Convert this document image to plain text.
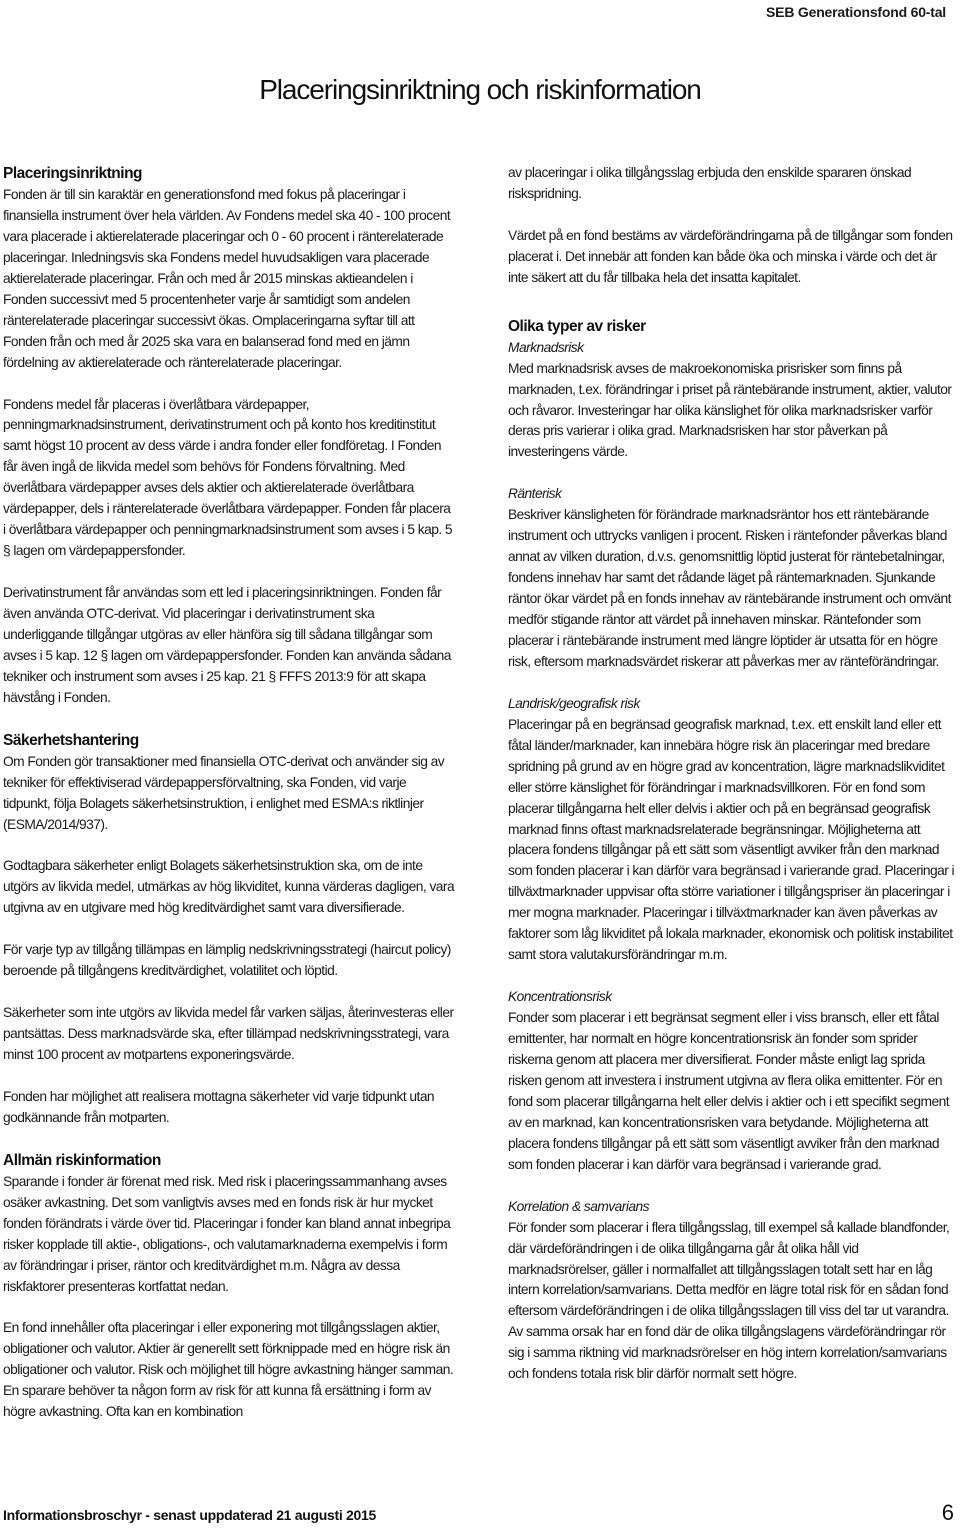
SEB Generationsfond 60-tal
Placeringsinriktning och riskinformation
Placeringsinriktning

Fonden är till sin karaktär en generationsfond med fokus på placeringar i finansiella instrument över hela världen. Av Fondens medel ska 40 - 100 procent vara placerade i aktierelaterade placeringar och 0 - 60 procent i ränterelaterade placeringar. Inledningsvis ska Fondens medel huvudsakligen vara placerade aktierelaterade placeringar. Från och med år 2015 minskas aktieandelen i Fonden successivt med 5 procentenheter varje år samtidigt som andelen ränterelaterade placeringar successivt ökas. Omplaceringarna syftar till att Fonden från och med år 2025 ska vara en balanserad fond med en jämn fördelning av aktierelaterade och ränterelaterade placeringar.

Fondens medel får placeras i överlåtbara värdepapper, penningmarknadsinstrument, derivatinstrument och på konto hos kreditinstitut samt högst 10 procent av dess värde i andra fonder eller fondföretag. I Fonden får även ingå de likvida medel som behövs för Fondens förvaltning. Med överlåtbara värdepapper avses dels aktier och aktierelaterade överlåtbara värdepapper, dels i ränterelaterade överlåtbara värdepapper. Fonden får placera i överlåtbara värdepapper och penningmarknadsinstrument som avses i 5 kap. 5 § lagen om värdepappersfonder.

Derivatinstrument får användas som ett led i placeringsinriktningen. Fonden får även använda OTC-derivat. Vid placeringar i derivatinstrument ska underliggande tillgångar utgöras av eller hänföra sig till sådana tillgångar som avses i 5 kap. 12 § lagen om värdepappersfonder. Fonden kan använda sådana tekniker och instrument som avses i 25 kap. 21 § FFFS 2013:9 för att skapa hävstång i Fonden.

Säkerhetshantering

Om Fonden gör transaktioner med finansiella OTC-derivat och använder sig av tekniker för effektiviserad värdepappersförvaltning, ska Fonden, vid varje tidpunkt, följa Bolagets säkerhetsinstruktion, i enlighet med ESMA:s riktlinjer (ESMA/2014/937).

Godtagbara säkerheter enligt Bolagets säkerhetsinstruktion ska, om de inte utgörs av likvida medel, utmärkas av hög likviditet, kunna värderas dagligen, vara utgivna av en utgivare med hög kreditvärdighet samt vara diversifierade.

För varje typ av tillgång tillämpas en lämplig nedskrivningsstrategi (haircut policy) beroende på tillgångens kreditvärdighet, volatilitet och löptid.

Säkerheter som inte utgörs av likvida medel får varken säljas, återinvesteras eller pantsättas. Dess marknadsvärde ska, efter tillämpad nedskrivningsstrategi, vara minst 100 procent av motpartens exponeringsvärde.

Fonden har möjlighet att realisera mottagna säkerheter vid varje tidpunkt utan godkännande från motparten.

Allmän riskinformation

Sparande i fonder är förenat med risk. Med risk i placeringssammanhang avses osäker avkastning. Det som vanligtvis avses med en fonds risk är hur mycket fonden förändrats i värde över tid. Placeringar i fonder kan bland annat inbegripa risker kopplade till aktie-, obligations-, och valutamarknaderna exempelvis i form av förändringar i priser, räntor och kreditvärdighet m.m. Några av dessa riskfaktorer presenteras kortfattat nedan.

En fond innehåller ofta placeringar i eller exponering mot tillgångsslagen aktier, obligationer och valutor. Aktier är generellt sett förknippade med en högre risk än obligationer och valutor. Risk och möjlighet till högre avkastning hänger samman. En sparare behöver ta någon form av risk för att kunna få ersättning i form av högre avkastning. Ofta kan en kombination

av placeringar i olika tillgångsslag erbjuda den enskilde spararen önskad riskspridning.

Värdet på en fond bestäms av värdeförändringarna på de tillgångar som fonden placerat i. Det innebär att fonden kan både öka och minska i värde och det är inte säkert att du får tillbaka hela det insatta kapitalet.

Olika typer av risker
Marknadsrisk

Med marknadsrisk avses de makroekonomiska prisrisker som finns på marknaden, t.ex. förändringar i priset på räntebärande instrument, aktier, valutor och råvaror. Investeringar har olika känslighet för olika marknadsrisker varför deras pris varierar i olika grad. Marknadsrisken har stor påverkan på investeringens värde.

Ränterisk

Beskriver känsligheten för förändrade marknadsräntor hos ett räntebärande instrument och uttrycks vanligen i procent. Risken i räntefonder påverkas bland annat av vilken duration, d.v.s. genomsnittlig löptid justerat för räntebetalningar, fondens innehav har samt det rådande läget på räntemarknaden. Sjunkande räntor ökar värdet på en fonds innehav av räntebärande instrument och omvänt medför stigande räntor att värdet på innehaven minskar. Räntefonder som placerar i räntebärande instrument med längre löptider är utsatta för en högre risk, eftersom marknadsvärdet riskerar att påverkas mer av ränteförändringar.

Landrisk/geografisk risk

Placeringar på en begränsad geografisk marknad, t.ex. ett enskilt land eller ett fåtal länder/marknader, kan innebära högre risk än placeringar med bredare spridning på grund av en högre grad av koncentration, lägre marknadslikviditet eller större känslighet för förändringar i marknadsvillkoren. För en fond som placerar tillgångarna helt eller delvis i aktier och på en begränsad geografisk marknad finns oftast marknadsrelaterade begränsningar. Möjligheterna att placera fondens tillgångar på ett sätt som väsentligt avviker från den marknad som fonden placerar i kan därför vara begränsad i varierande grad. Placeringar i tillväxtmarknader uppvisar ofta större variationer i tillgångspriser än placeringar i mer mogna marknader. Placeringar i tillväxtmarknader kan även påverkas av faktorer som låg likviditet på lokala marknader, ekonomisk och politisk instabilitet samt stora valutakursförändringar m.m.

Koncentrationsrisk

Fonder som placerar i ett begränsat segment eller i viss bransch, eller ett fåtal emittenter, har normalt en högre koncentrationsrisk än fonder som sprider riskerna genom att placera mer diversifierat. Fonder måste enligt lag sprida risken genom att investera i instrument utgivna av flera olika emittenter. För en fond som placerar tillgångarna helt eller delvis i aktier och i ett specifikt segment av en marknad, kan koncentrationsrisken vara betydande. Möjligheterna att placera fondens tillgångar på ett sätt som väsentligt avviker från den marknad som fonden placerar i kan därför vara begränsad i varierande grad.

Korrelation & samvarians

För fonder som placerar i flera tillgångsslag, till exempel så kallade blandfonder, där värdeförändringen i de olika tillgångarna går åt olika håll vid marknadsrörelser, gäller i normalfallet att tillgångsslagen totalt sett har en låg intern korrelation/samvarians. Detta medför en lägre total risk för en sådan fond eftersom värdeförändringen i de olika tillgångsslagen till viss del tar ut varandra. Av samma orsak har en fond där de olika tillgångslagens värdeförändringar rör sig i samma riktning vid marknadsrörelser en hög intern korrelation/samvarians och fondens totala risk blir därför normalt sett högre.

Informationsbroschyr - senast uppdaterad 21 augusti 2015	6
